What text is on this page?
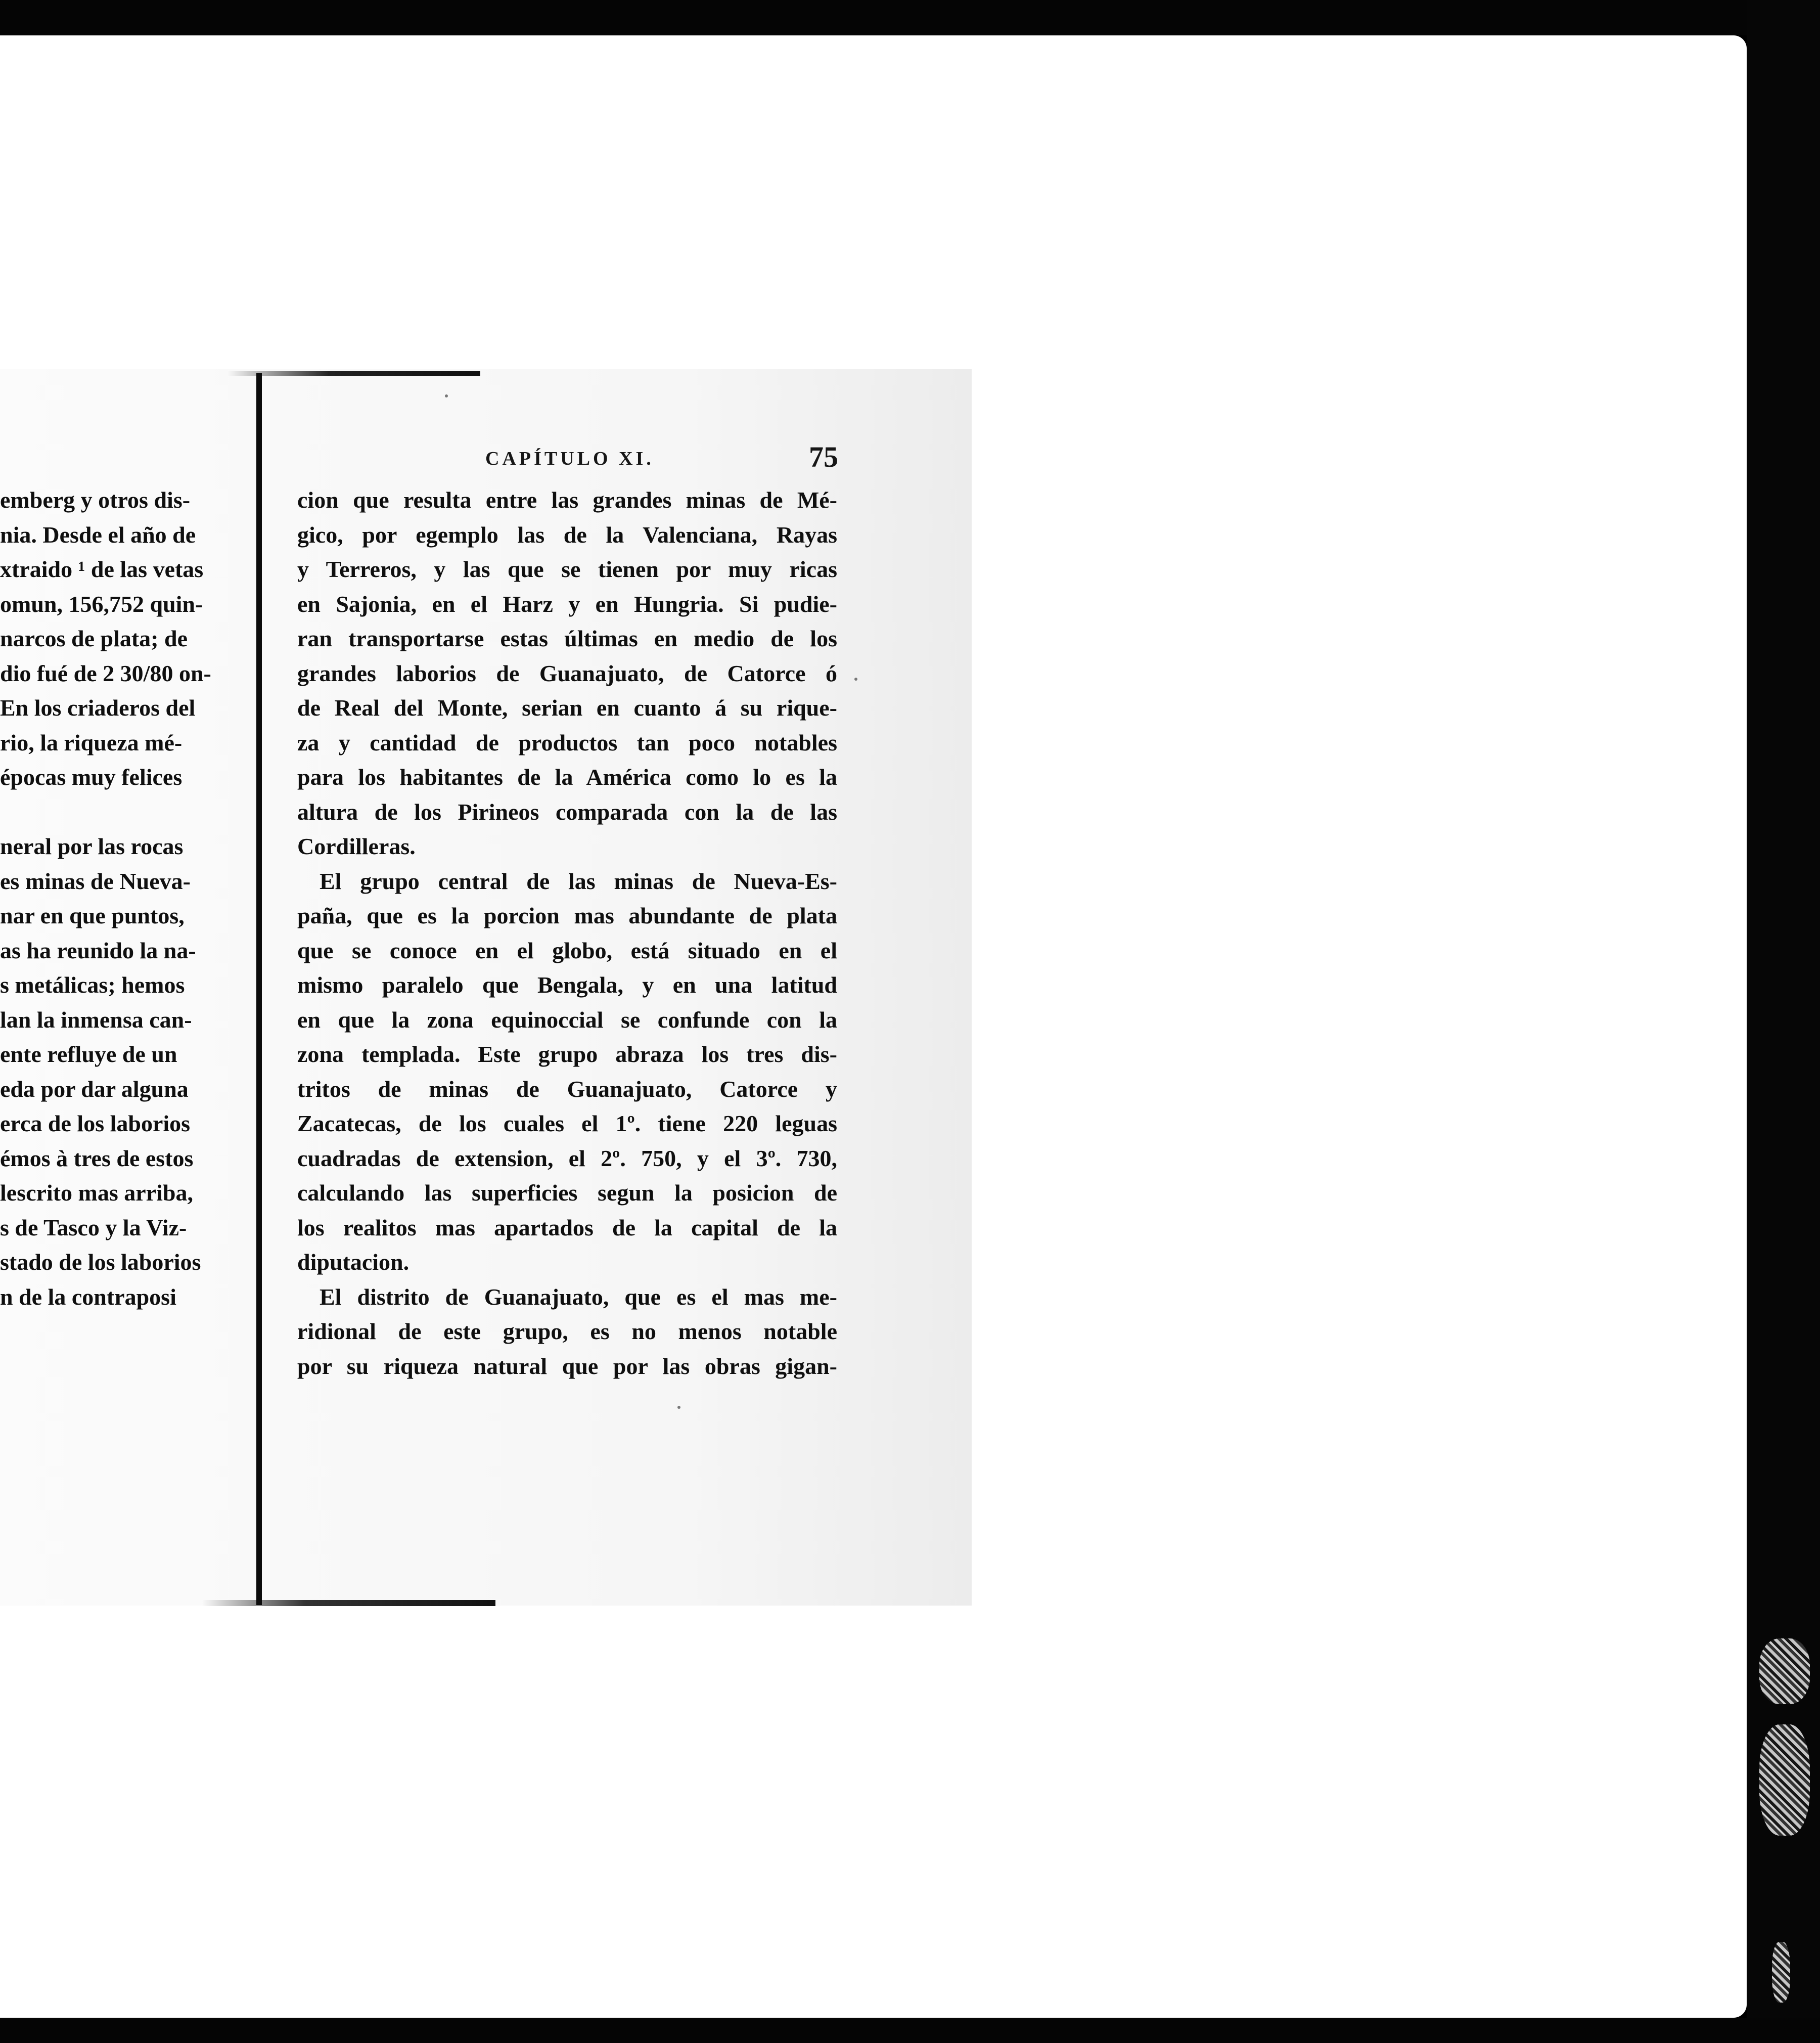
CAPÍTULO XI.	75
emberg y otros dis-
nia. Desde el año de
xtraido ¹ de las vetas
omun, 156,752 quin-
narcos de plata; de
dio fué de 2 30/80 on-
En los criaderos del
rio, la riqueza mé-
épocas muy felices
neral por las rocas
es minas de Nueva-
nar en que puntos,
as ha reunido la na-
s metálicas; hemos
lan la inmensa can-
ente refluye de un
eda por dar alguna
erca de los laborios
émos à tres de estos
lescrito mas arriba,
s de Tasco y la Viz-
stado de los laborios
n de la contraposi
cion que resulta entre las grandes minas de Mé-
gico, por egemplo las de la Valenciana, Rayas
y Terreros, y las que se tienen por muy ricas
en Sajonia, en el Harz y en Hungria. Si pudie-
ran transportarse estas últimas en medio de los
grandes laborios de Guanajuato, de Catorce ó
de Real del Monte, serian en cuanto á su rique-
za y cantidad de productos tan poco notables
para los habitantes de la América como lo es la
altura de los Pirineos comparada con la de las
Cordilleras.
El grupo central de las minas de Nueva-Es-
paña, que es la porcion mas abundante de plata
que se conoce en el globo, está situado en el
mismo paralelo que Bengala, y en una latitud
en que la zona equinoccial se confunde con la
zona templada. Este grupo abraza los tres dis-
tritos de minas de Guanajuato, Catorce y
Zacatecas, de los cuales el 1º. tiene 220 leguas
cuadradas de extension, el 2º. 750, y el 3º. 730,
calculando las superficies segun la posicion de
los realitos mas apartados de la capital de la
diputacion.
El distrito de Guanajuato, que es el mas me-
ridional de este grupo, es no menos notable
por su riqueza natural que por las obras gigan-
